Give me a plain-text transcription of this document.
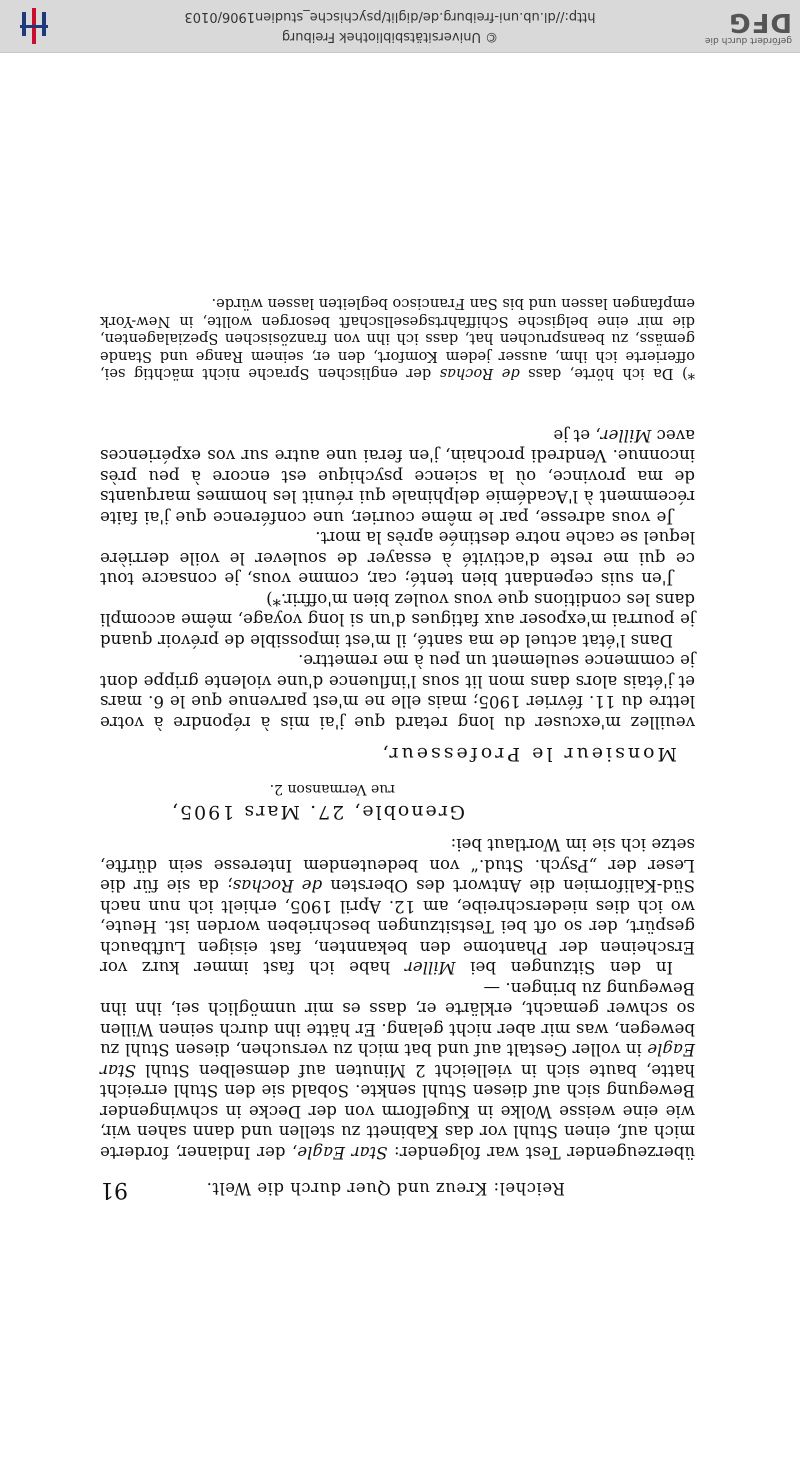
Reichel: Kreuz und Quer durch die Welt.
91

überzeugender Test war folgender: Star Eagle, der Indianer, forderte mich auf, einen Stuhl vor das Kabinett zu stellen und dann sahen wir, wie eine weisse Wolke in Kugelform von der Decke in schwingender Bewegung sich auf diesen Stuhl senkte. Sobald sie den Stuhl erreicht hatte, baute sich in vielleicht 2 Minuten auf demselben Stuhl Star Eagle in voller Gestalt auf und bat mich zu versuchen, diesen Stuhl zu bewegen, was mir aber nicht gelang. Er hätte ihn durch seinen Willen so schwer gemacht, erklärte er, dass es mir unmöglich sei, ihn ihn Bewegung zu bringen. —

In den Sitzungen bei Miller habe ich fast immer kurz vor Erscheinen der Phantome den bekannten, fast eisigen Luftbauch gespürt, der so oft bei Testsitzungen beschrieben worden ist. Heute, wo ich dies niederschreibe, am 12. April 1905, erhielt ich nun nach Süd-Kalifornien die Antwort des Obersten de Rochas; da sie für die Leser der „Psych. Stud.“ von bedeutendem Interesse sein dürfte, setze ich sie im Wortlaut bei:

Grenoble, 27. Mars 1905,
rue Vermanson 2.
Monsieur le Professeur,

veuillez m'excuser du long retard que j'ai mis à répondre à votre lettre du 11. février 1905; mais elle ne m'est parvenue que le 6. mars et j'étais alors dans mon lit sous l'influence d'une violente grippe dont je commence seulement un peu à me remettre.

Dans l'état actuel de ma santé, il m'est impossible de prévoir quand je pourrai m'exposer aux fatigues d'un si long voyage, même accompli dans les conditions que vous voulez bien m'offrir.*)

J'en suis cependant bien tenté; car, comme vous, je consacre tout ce qui me reste d'activité à essayer de soulever le voile derrière lequel se cache notre destinée après la mort.

Je vous adresse, par le même courier, une conférence que j'ai faite récemment à l'Académie delphinale qui réunit les hommes marquants de ma province, où la science psychique est encore à peu près inconnue. Vendredi prochain, j'en ferai une autre sur vos expériences avec Miller, et je

*) Da ich hörte, dass de Rochas der englischen Sprache nicht mächtig sei, offerierte ich ihm, ausser jedem Komfort, den er, seinem Range und Stande gemäss, zu beanspruchen hat, dass ich ihn von französischen Spezialagenten, die mir eine belgische Schiffahrtsgesellschaft besorgen wollte, in New-York empfangen lassen und bis San Francisco begleiten lassen würde.

gefördert durch die
DFG
© Universitätsbibliothek Freiburg
http://dl.ub.uni-freiburg.de/diglit/psychische_studien1906/0103
